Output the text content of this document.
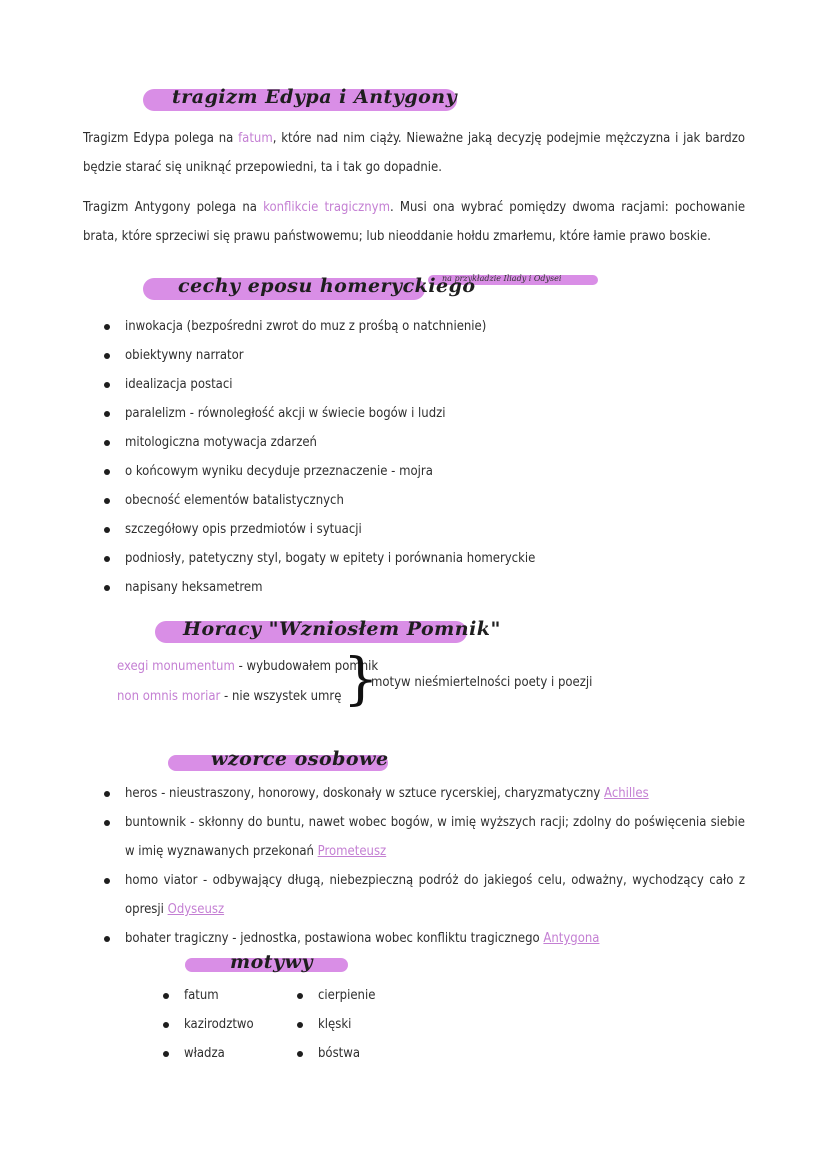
tragizm Edypa i Antygony

Tragizm Edypa polega na fatum, które nad nim ciąży. Nieważne jaką decyzję podejmie mężczyzna i jak bardzo będzie starać się uniknąć przepowiedni, ta i tak go dopadnie.

Tragizm Antygony polega na konflikcie tragicznym. Musi ona wybrać pomiędzy dwoma racjami: pochowanie brata, które sprzeciwi się prawu państwowemu; lub nieoddanie hołdu zmarłemu, które łamie prawo boskie.

cechy eposu homeryckiego
na przykładzie Iliady i Odysei
inwokacja (bezpośredni zwrot do muz z prośbą o natchnienie)
obiektywny narrator
idealizacja postaci
paralelizm - równoległość akcji w świecie bogów i ludzi
mitologiczna motywacja zdarzeń
o końcowym wyniku decyduje przeznaczenie - mojra
obecność elementów batalistycznych
szczegółowy opis przedmiotów i sytuacji
podniosły, patetyczny styl, bogaty w epitety i porównania homeryckie
napisany heksametrem
Horacy "Wzniosłem Pomnik"
exegi monumentum - wybudowałem pomnik
non omnis moriar - nie wszystek umrę }
motyw nieśmiertelności poety i poezji
wzorce osobowe
heros - nieustraszony, honorowy, doskonały w sztuce rycerskiej, charyzmatyczny Achilles
buntownik - skłonny do buntu, nawet wobec bogów, w imię wyższych racji; zdolny do poświęcenia siebie w imię wyznawanych przekonań Prometeusz
homo viator - odbywający długą, niebezpieczną podróż do jakiegoś celu, odważny, wychodzący cało z opresji Odyseusz
bohater tragiczny - jednostka, postawiona wobec konfliktu tragicznego Antygona
motywy
fatum
kazirodztwo
władza
cierpienie
klęski
bóstwa
